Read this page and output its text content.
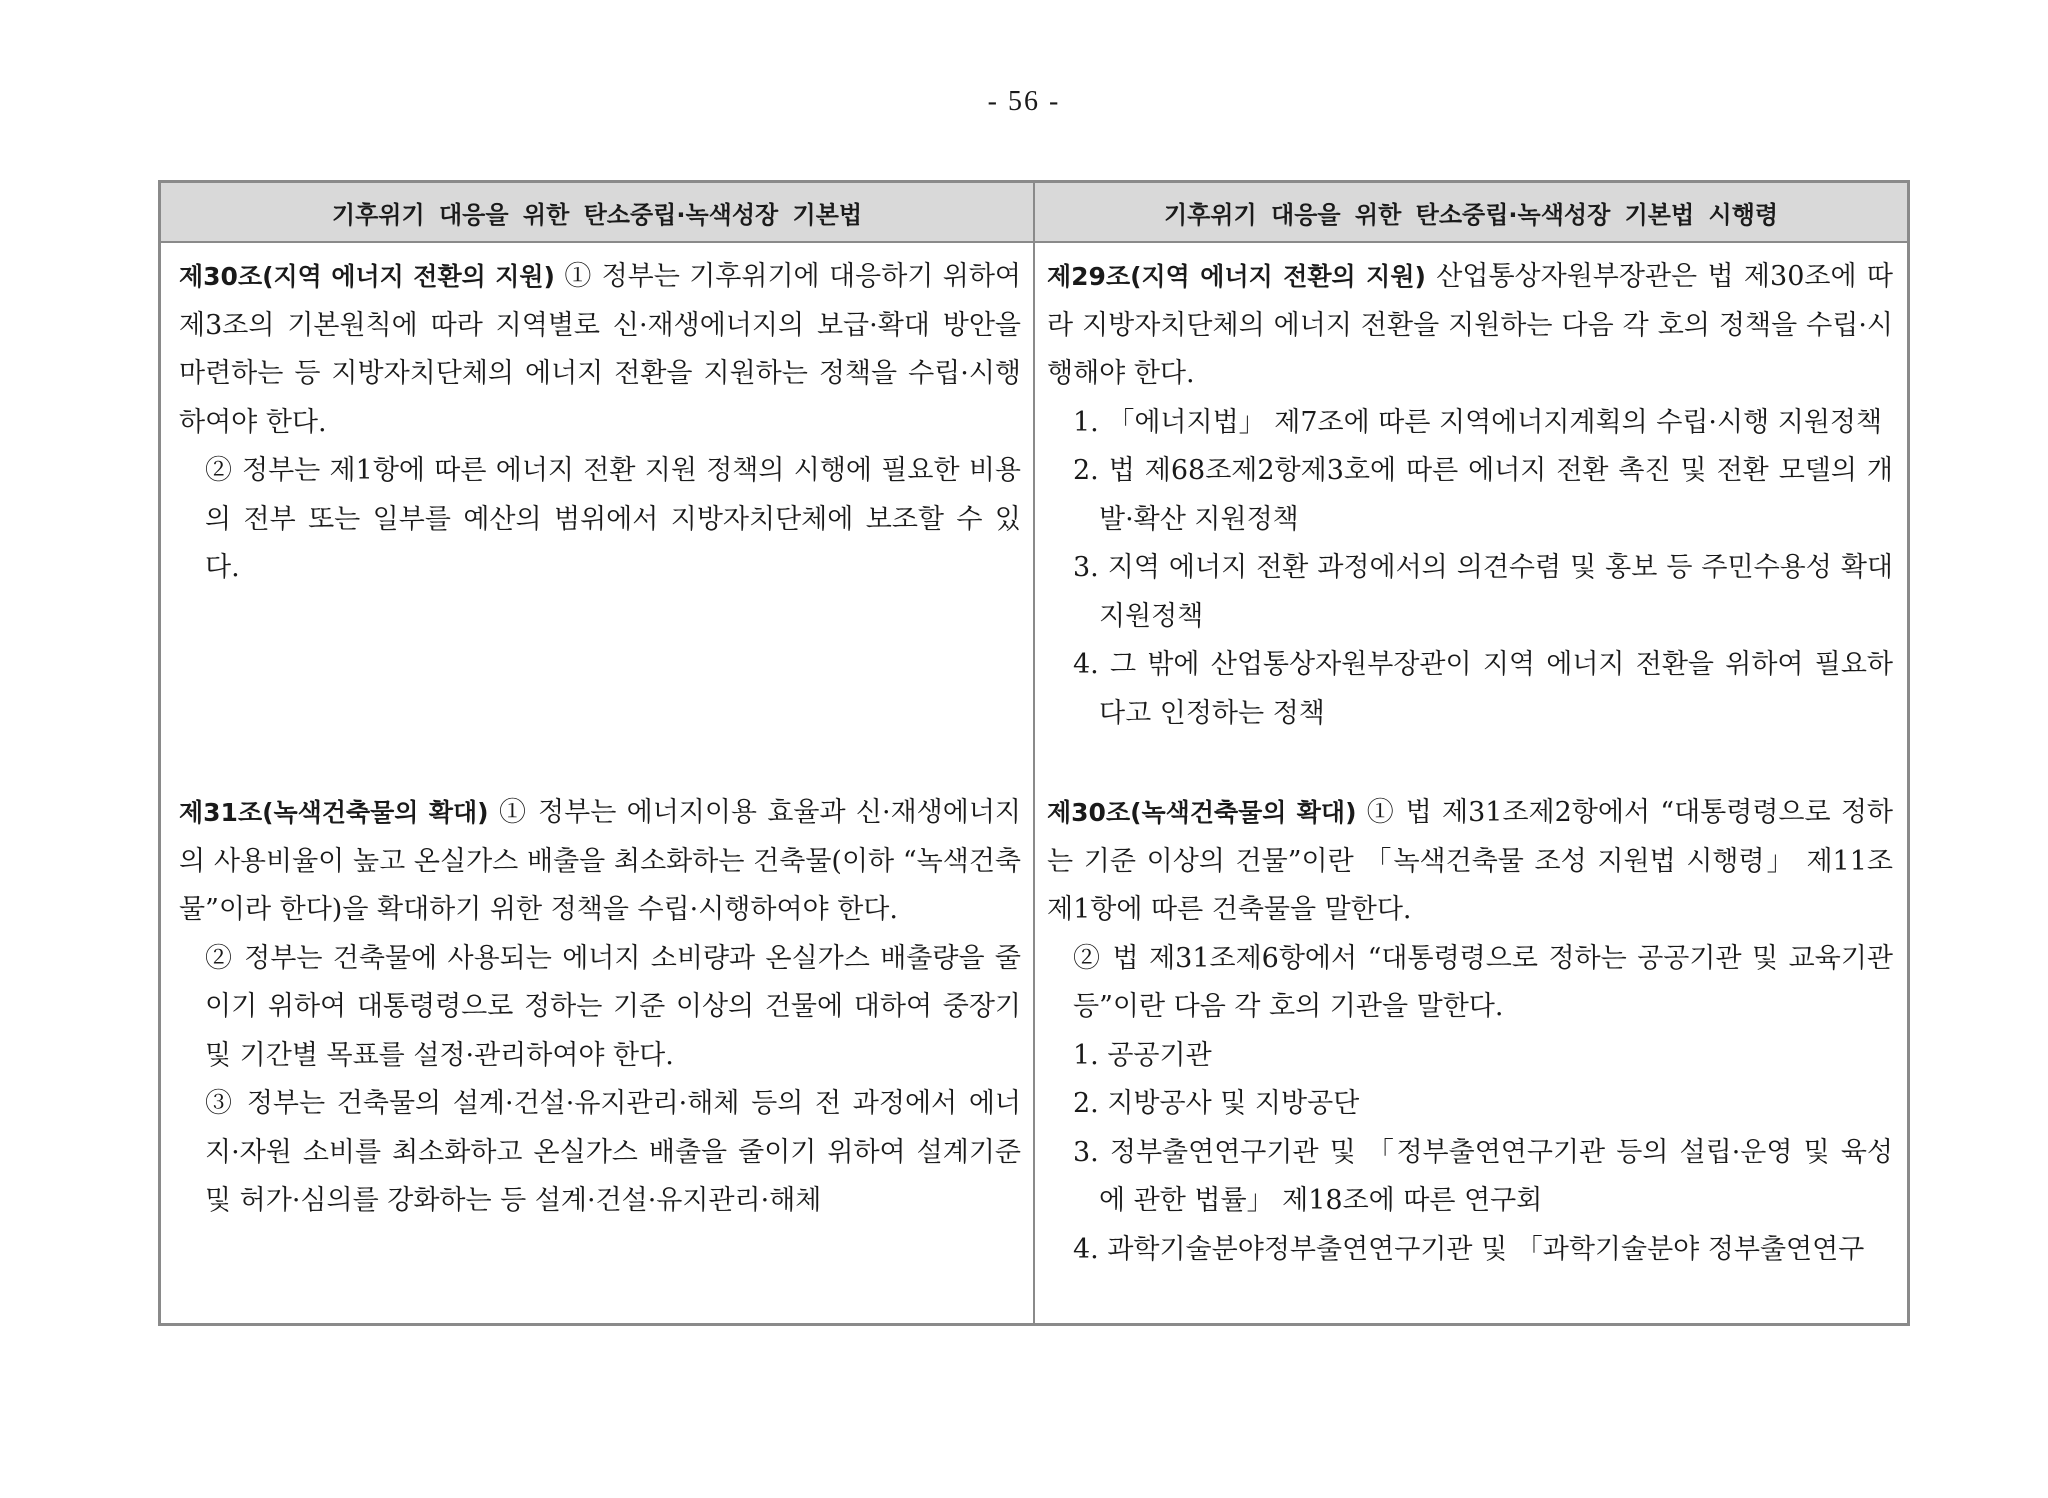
- 56 -
기후위기 대응을 위한 탄소중립·녹색성장 기본법	기후위기 대응을 위한 탄소중립·녹색성장 기본법 시행령

제30조(지역 에너지 전환의 지원) ① 정부는 기후위기에 대응하기 위하여 제3조의 기본원칙에 따라 지역별로 신·재생에너지의 보급·확대 방안을 마련하는 등 지방자치단체의 에너지 전환을 지원하는 정책을 수립·시행하여야 한다.

② 정부는 제1항에 따른 에너지 전환 지원 정책의 시행에 필요한 비용의 전부 또는 일부를 예산의 범위에서 지방자치단체에 보조할 수 있다.

제31조(녹색건축물의 확대) ① 정부는 에너지이용 효율과 신·재생에너지의 사용비율이 높고 온실가스 배출을 최소화하는 건축물(이하 “녹색건축물”이라 한다)을 확대하기 위한 정책을 수립·시행하여야 한다.

② 정부는 건축물에 사용되는 에너지 소비량과 온실가스 배출량을 줄이기 위하여 대통령령으로 정하는 기준 이상의 건물에 대하여 중장기 및 기간별 목표를 설정·관리하여야 한다.

③ 정부는 건축물의 설계·건설·유지관리·해체 등의 전 과정에서 에너지·자원 소비를 최소화하고 온실가스 배출을 줄이기 위하여 설계기준 및 허가·심의를 강화하는 등 설계·건설·유지관리·해체

제29조(지역 에너지 전환의 지원) 산업통상자원부장관은 법 제30조에 따라 지방자치단체의 에너지 전환을 지원하는 다음 각 호의 정책을 수립·시행해야 한다.

1. 「에너지법」 제7조에 따른 지역에너지계획의 수립·시행 지원정책

2. 법 제68조제2항제3호에 따른 에너지 전환 촉진 및 전환 모델의 개발·확산 지원정책

3. 지역 에너지 전환 과정에서의 의견수렴 및 홍보 등 주민수용성 확대 지원정책

4. 그 밖에 산업통상자원부장관이 지역 에너지 전환을 위하여 필요하다고 인정하는 정책

제30조(녹색건축물의 확대) ① 법 제31조제2항에서 “대통령령으로 정하는 기준 이상의 건물”이란 「녹색건축물 조성 지원법 시행령」 제11조제1항에 따른 건축물을 말한다.

② 법 제31조제6항에서 “대통령령으로 정하는 공공기관 및 교육기관 등”이란 다음 각 호의 기관을 말한다.

1. 공공기관

2. 지방공사 및 지방공단

3. 정부출연연구기관 및 「정부출연연구기관 등의 설립·운영 및 육성에 관한 법률」 제18조에 따른 연구회

4. 과학기술분야정부출연연구기관 및 「과학기술분야 정부출연연구
